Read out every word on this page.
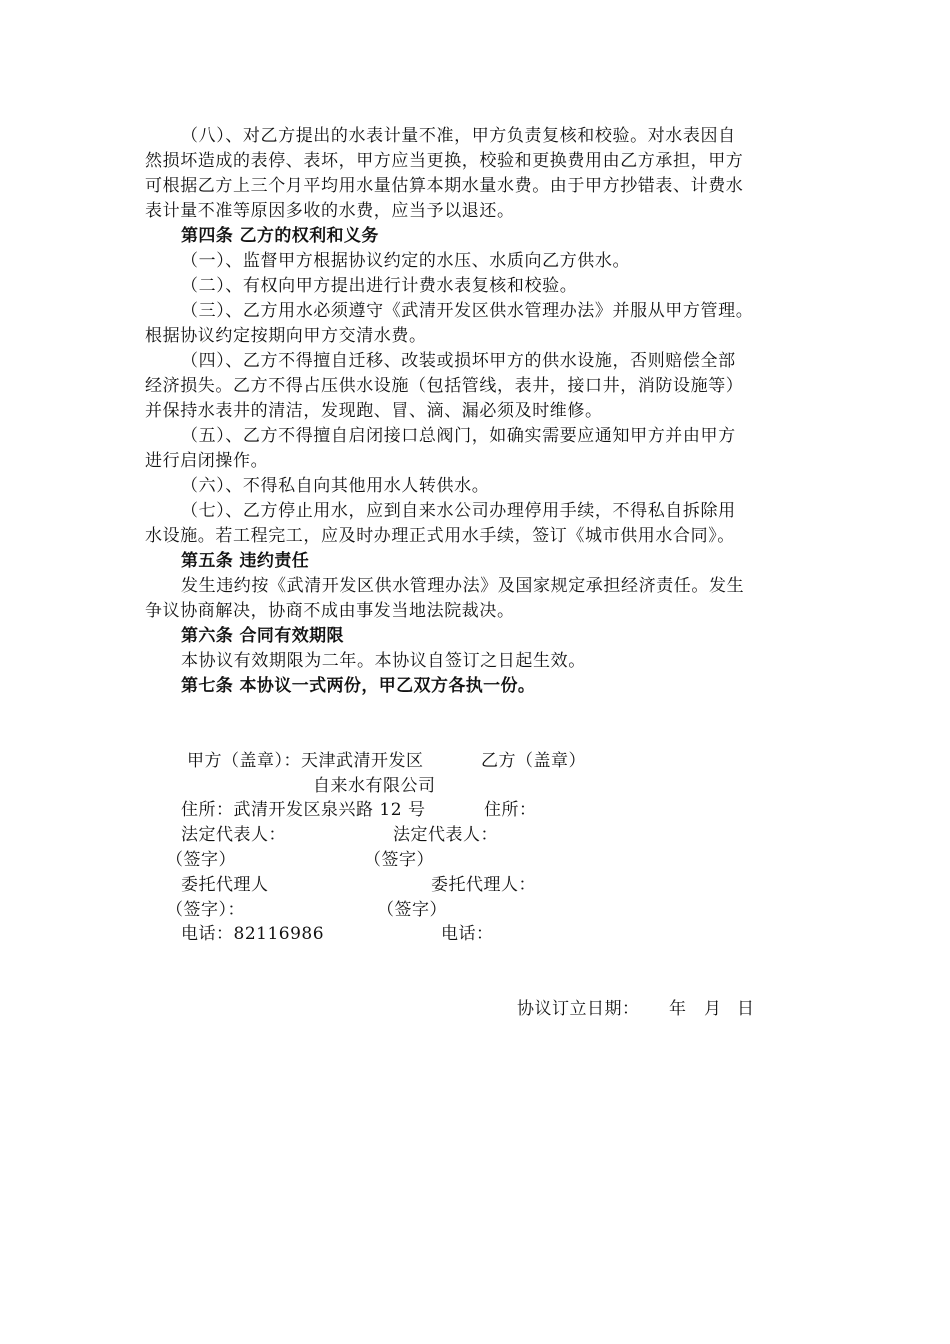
（八）、对乙方提出的水表计量不准，甲方负责复核和校验。对水表因自
然损坏造成的表停、表坏，甲方应当更换，校验和更换费用由乙方承担，甲方
可根据乙方上三个月平均用水量估算本期水量水费。由于甲方抄错表、计费水
表计量不准等原因多收的水费，应当予以退还。
第四条 乙方的权利和义务
（一）、监督甲方根据协议约定的水压、水质向乙方供水。
（二）、有权向甲方提出进行计费水表复核和校验。
（三）、乙方用水必须遵守《武清开发区供水管理办法》并服从甲方管理。
根据协议约定按期向甲方交清水费。
（四）、乙方不得擅自迁移、改装或损坏甲方的供水设施，否则赔偿全部
经济损失。乙方不得占压供水设施（包括管线，表井，接口井，消防设施等）
并保持水表井的清洁，发现跑、冒、滴、漏必须及时维修。
（五）、乙方不得擅自启闭接口总阀门，如确实需要应通知甲方并由甲方
进行启闭操作。
（六）、不得私自向其他用水人转供水。
（七）、乙方停止用水，应到自来水公司办理停用手续，不得私自拆除用
水设施。若工程完工，应及时办理正式用水手续，签订《城市供用水合同》。
第五条 违约责任
发生违约按《武清开发区供水管理办法》及国家规定承担经济责任。发生
争议协商解决，协商不成由事发当地法院裁决。
第六条 合同有效期限
本协议有效期限为二年。本协议自签订之日起生效。
第七条 本协议一式两份，甲乙双方各执一份。
甲方（盖章）：天津武清开发区	乙方（盖章）
自来水有限公司
住所：武清开发区泉兴路 12 号	住所：
法定代表人：	法定代表人：
（签字）	（签字）
委托代理人	委托代理人：
（签字）：	（签字）
电话：82116986	电话：
协议订立日期： 年 月 日
